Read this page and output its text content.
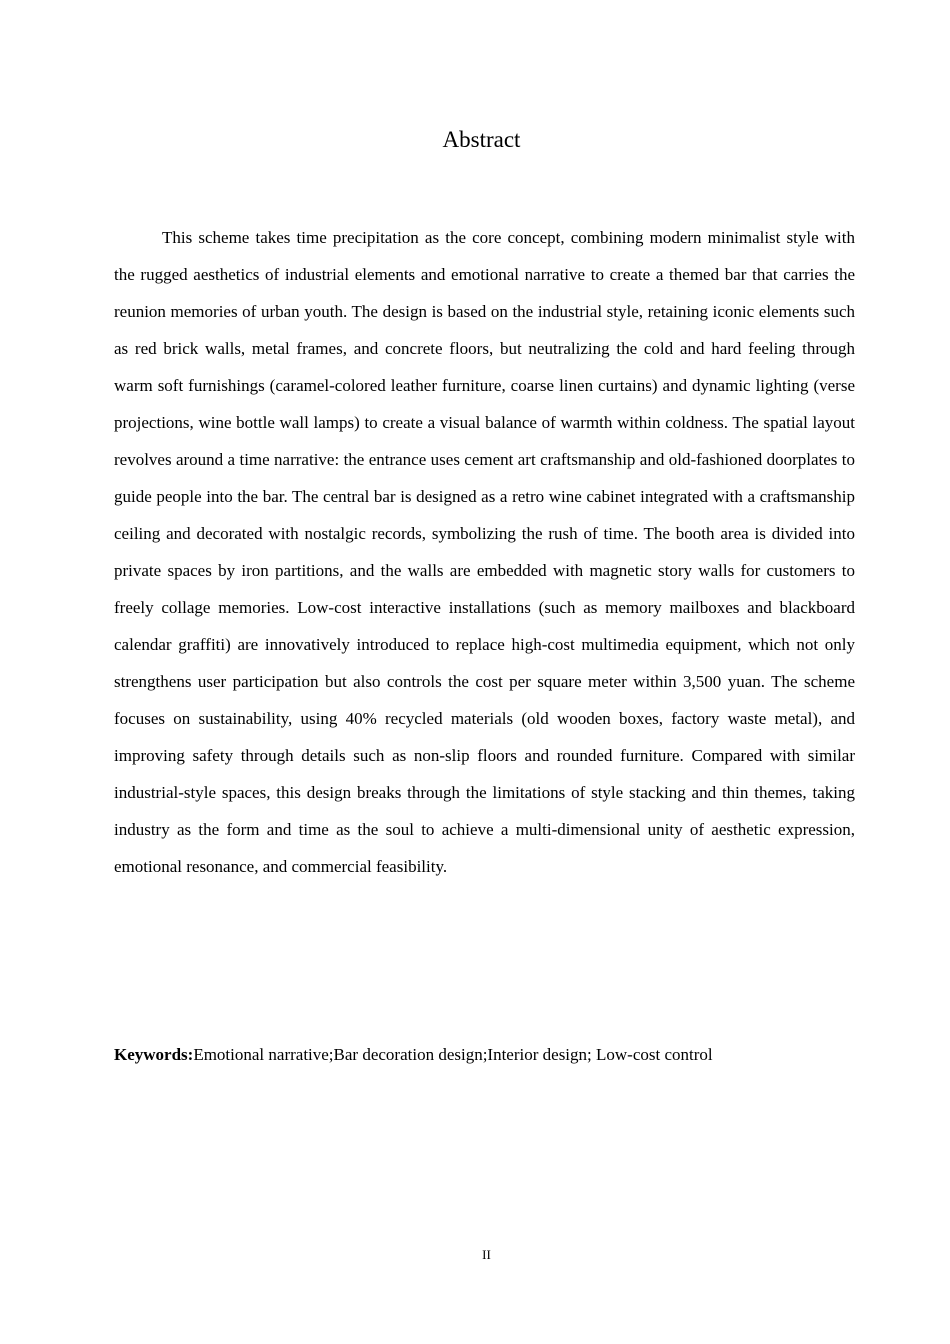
Abstract

This scheme takes time precipitation as the core concept, combining modern minimalist style with the rugged aesthetics of industrial elements and emotional narrative to create a themed bar that carries the reunion memories of urban youth. The design is based on the industrial style, retaining iconic elements such as red brick walls, metal frames, and concrete floors, but neutralizing the cold and hard feeling through warm soft furnishings (caramel-colored leather furniture, coarse linen curtains) and dynamic lighting (verse projections, wine bottle wall lamps) to create a visual balance of warmth within coldness. The spatial layout revolves around a time narrative: the entrance uses cement art craftsmanship and old-fashioned doorplates to guide people into the bar. The central bar is designed as a retro wine cabinet integrated with a craftsmanship ceiling and decorated with nostalgic records, symbolizing the rush of time. The booth area is divided into private spaces by iron partitions, and the walls are embedded with magnetic story walls for customers to freely collage memories. Low-cost interactive installations (such as memory mailboxes and blackboard calendar graffiti) are innovatively introduced to replace high-cost multimedia equipment, which not only strengthens user participation but also controls the cost per square meter within 3,500 yuan. The scheme focuses on sustainability, using 40% recycled materials (old wooden boxes, factory waste metal), and improving safety through details such as non-slip floors and rounded furniture. Compared with similar industrial-style spaces, this design breaks through the limitations of style stacking and thin themes, taking industry as the form and time as the soul to achieve a multi-dimensional unity of aesthetic expression, emotional resonance, and commercial feasibility.

Keywords:Emotional narrative;Bar decoration design;Interior design; Low-cost control

II
